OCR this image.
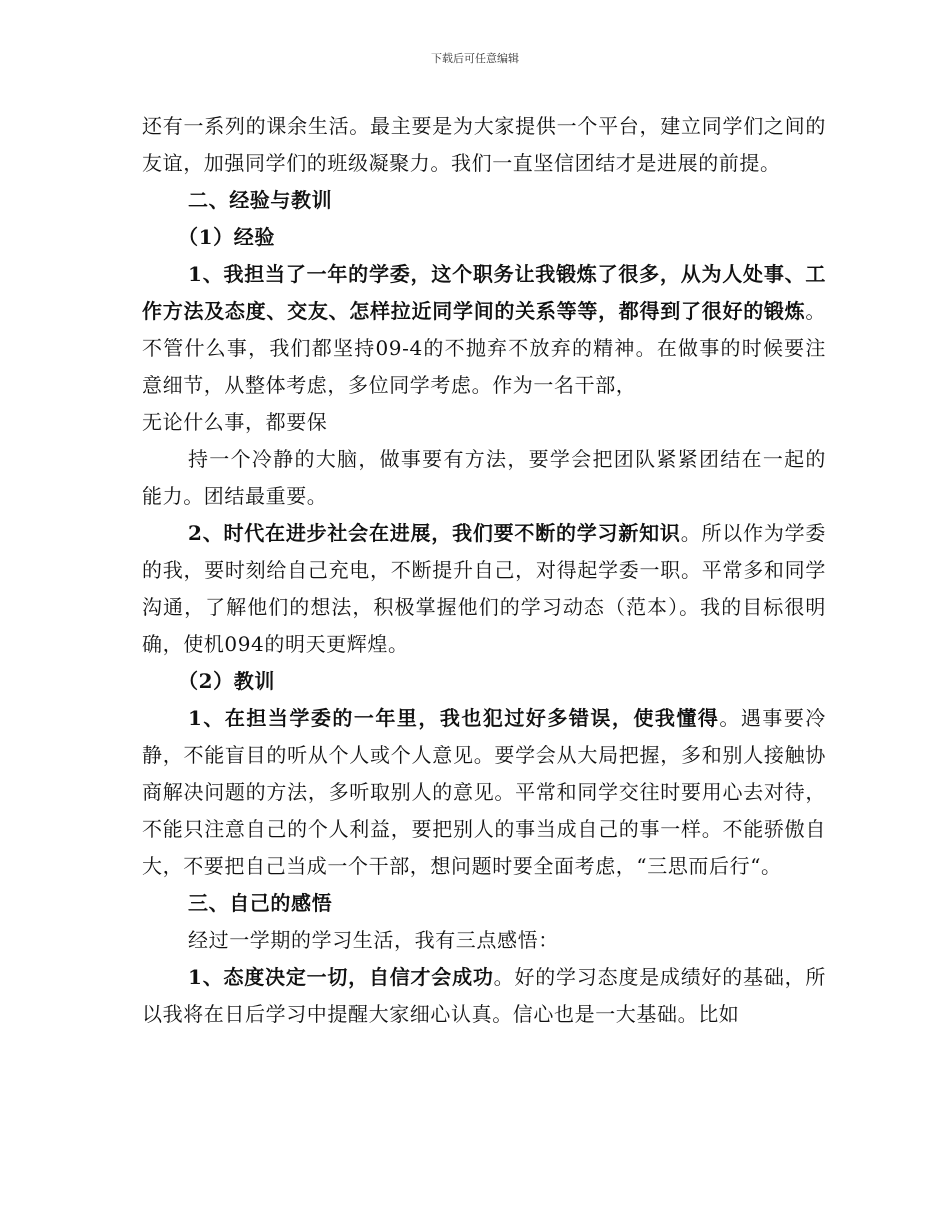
下载后可任意编辑

还有一系列的课余生活。最主要是为大家提供一个平台，建立同学们之间的友谊，加强同学们的班级凝聚力。我们一直坚信团结才是进展的前提。

二、经验与教训

（1）经验

1、我担当了一年的学委，这个职务让我锻炼了很多，从为人处事、工作方法及态度、交友、怎样拉近同学间的关系等等，都得到了很好的锻炼。不管什么事，我们都坚持09-4的不抛弃不放弃的精神。在做事的时候要注意细节，从整体考虑，多位同学考虑。作为一名干部，

无论什么事，都要保

持一个冷静的大脑，做事要有方法，要学会把团队紧紧团结在一起的能力。团结最重要。

2、时代在进步社会在进展，我们要不断的学习新知识。所以作为学委的我，要时刻给自己充电，不断提升自己，对得起学委一职。平常多和同学沟通，了解他们的想法，积极掌握他们的学习动态（范本）。我的目标很明确，使机094的明天更辉煌。

（2）教训

1、在担当学委的一年里，我也犯过好多错误，使我懂得。遇事要冷静，不能盲目的听从个人或个人意见。要学会从大局把握，多和别人接触协商解决问题的方法，多听取别人的意见。平常和同学交往时要用心去对待，不能只注意自己的个人利益，要把别人的事当成自己的事一样。不能骄傲自大，不要把自己当成一个干部，想问题时要全面考虑，“三思而后行“。

三、自己的感悟

经过一学期的学习生活，我有三点感悟：

1、态度决定一切，自信才会成功。好的学习态度是成绩好的基础，所以我将在日后学习中提醒大家细心认真。信心也是一大基础。比如
